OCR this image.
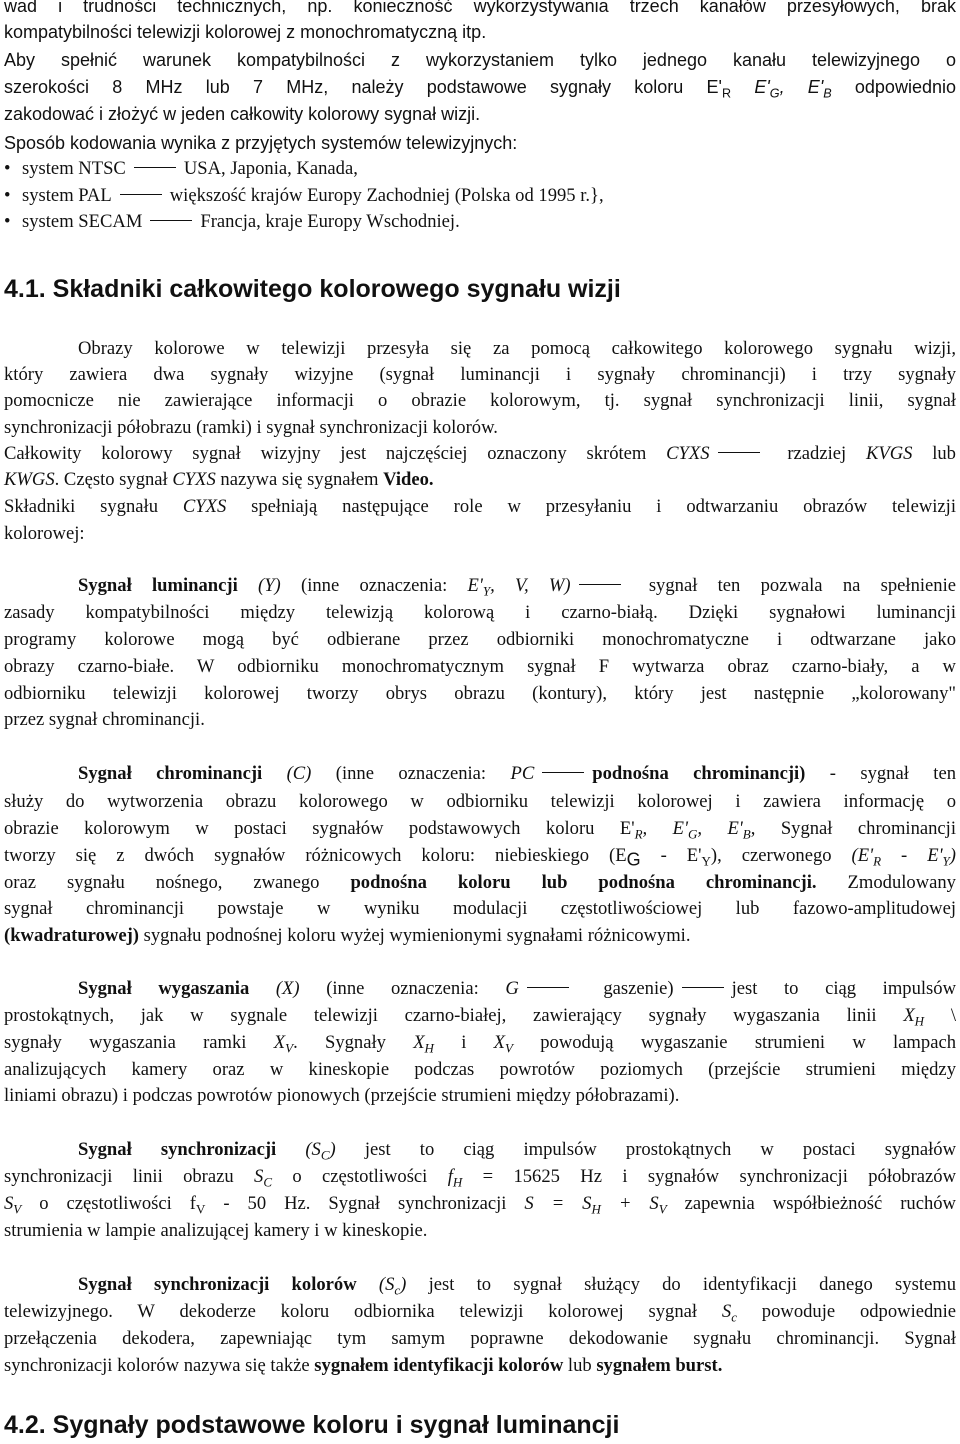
wad i trudności technicznych, np. konieczność wykorzystywania trzech kanałów przesyłowych, brak
kompatybilności telewizji kolorowej z monochromatyczną itp.
Aby spełnić warunek kompatybilności z wykorzystaniem tylko jednego kanału telewizyjnego o
szerokości 8 MHz lub 7 MHz, należy podstawowe sygnały koloru $E'_R$ $E'_G$, $E'_B$ odpowiednio
zakodować i złożyć w jeden całkowity kolorowy sygnał wizji.
Sposób kodowania wynika z przyjętych systemów telewizyjnych:
• system NTSC	USA, Japonia, Kanada,
• system PAL	większość krajów Europy Zachodniej (Polska od 1995 r.},
• system SECAM	Francja, kraje Europy Wschodniej.
4.1. Składniki całkowitego kolorowego sygnału wizji
Obrazy kolorowe w telewizji przesyła się za pomocą całkowitego kolorowego sygnału wizji,
który zawiera dwa sygnały wizyjne (sygnał luminancji i sygnały chrominancji) i trzy sygnały
pomocnicze nie zawierające informacji o obrazie kolorowym, tj. sygnał synchronizacji linii, sygnał
synchronizacji półobrazu (ramki) i sygnał synchronizacji kolorów.
Całkowity kolorowy sygnał wizyjny jest najczęściej oznaczony skrótem CYXS	rzadziej KVGS lub
KWGS. Często sygnał CYXS nazywa się sygnałem Video.
Składniki sygnału CYXS spełniają następujące role w przesyłaniu i odtwarzaniu obrazów telewizji
kolorowej:
Sygnał luminancji (Y) (inne oznaczenia: $E'_Y$, V, W)	sygnał ten pozwala na spełnienie
zasady kompatybilności między telewizją kolorową i czarno-białą. Dzięki sygnałowi luminancji
programy kolorowe mogą być odbierane przez odbiorniki monochromatyczne i odtwarzane jako
obrazy czarno-białe. W odbiorniku monochromatycznym sygnał F wytwarza obraz czarno-biały, a w
odbiorniku telewizji kolorowej tworzy obrys obrazu (kontury), który jest następnie „kolorowany"
przez sygnał chrominancji.
Sygnał chrominancji (C) (inne oznaczenia: PC	podnośna chrominancji) - sygnał ten
służy do wytworzenia obrazu kolorowego w odbiorniku telewizji kolorowej i zawiera informację o
obrazie kolorowym w postaci sygnałów podstawowych koloru $E'_R$, $E'_G$, $E'_B$, Sygnał chrominancji
tworzy się z dwóch sygnałów różnicowych koloru: niebieskiego $(E_G - E'_Y)$, czerwonego $(E'_R - E'_Y)$
oraz sygnału nośnego, zwanego podnośna koloru lub podnośna chrominancji. Zmodulowany
sygnał chrominancji powstaje w wyniku modulacji częstotliwościowej lub fazowo-amplitudowej
(kwadraturowej) sygnału podnośnej koloru wyżej wymienionymi sygnałami różnicowymi.
Sygnał wygaszania (X) (inne oznaczenia: G	gaszenie)	jest to ciąg impulsów
prostokątnych, jak w sygnale telewizji czarno-białej, zawierający sygnały wygaszania linii $X_H$ \
sygnały wygaszania ramki $X_V$. Sygnały $X_H$ i $X_V$ powodują wygaszanie strumieni w lampach
analizujących kamery oraz w kineskopie podczas powrotów poziomych (przejście strumieni między
liniami obrazu) i podczas powrotów pionowych (przejście strumieni między półobrazami).
Sygnał synchronizacji $(S_C)$ jest to ciąg impulsów prostokątnych w postaci sygnałów
synchronizacji linii obrazu $S_C$ o częstotliwości $f_H = 15625$ Hz i sygnałów synchronizacji półobrazów
$S_V$ o częstotliwości $f_V - 50$ Hz. Sygnał synchronizacji $S = S_H + S_V$ zapewnia współbieżność ruchów
strumienia w lampie analizującej kamery i w kineskopie.
Sygnał synchronizacji kolorów $(S_c)$ jest to sygnał służący do identyfikacji danego systemu
telewizyjnego. W dekoderze koloru odbiornika telewizji kolorowej sygnał $S_c$ powoduje odpowiednie
przełączenia dekodera, zapewniając tym samym poprawne dekodowanie sygnału chrominancji. Sygnał
synchronizacji kolorów nazywa się także sygnałem identyfikacji kolorów lub sygnałem burst.
4.2. Sygnały podstawowe koloru i sygnał luminancji
